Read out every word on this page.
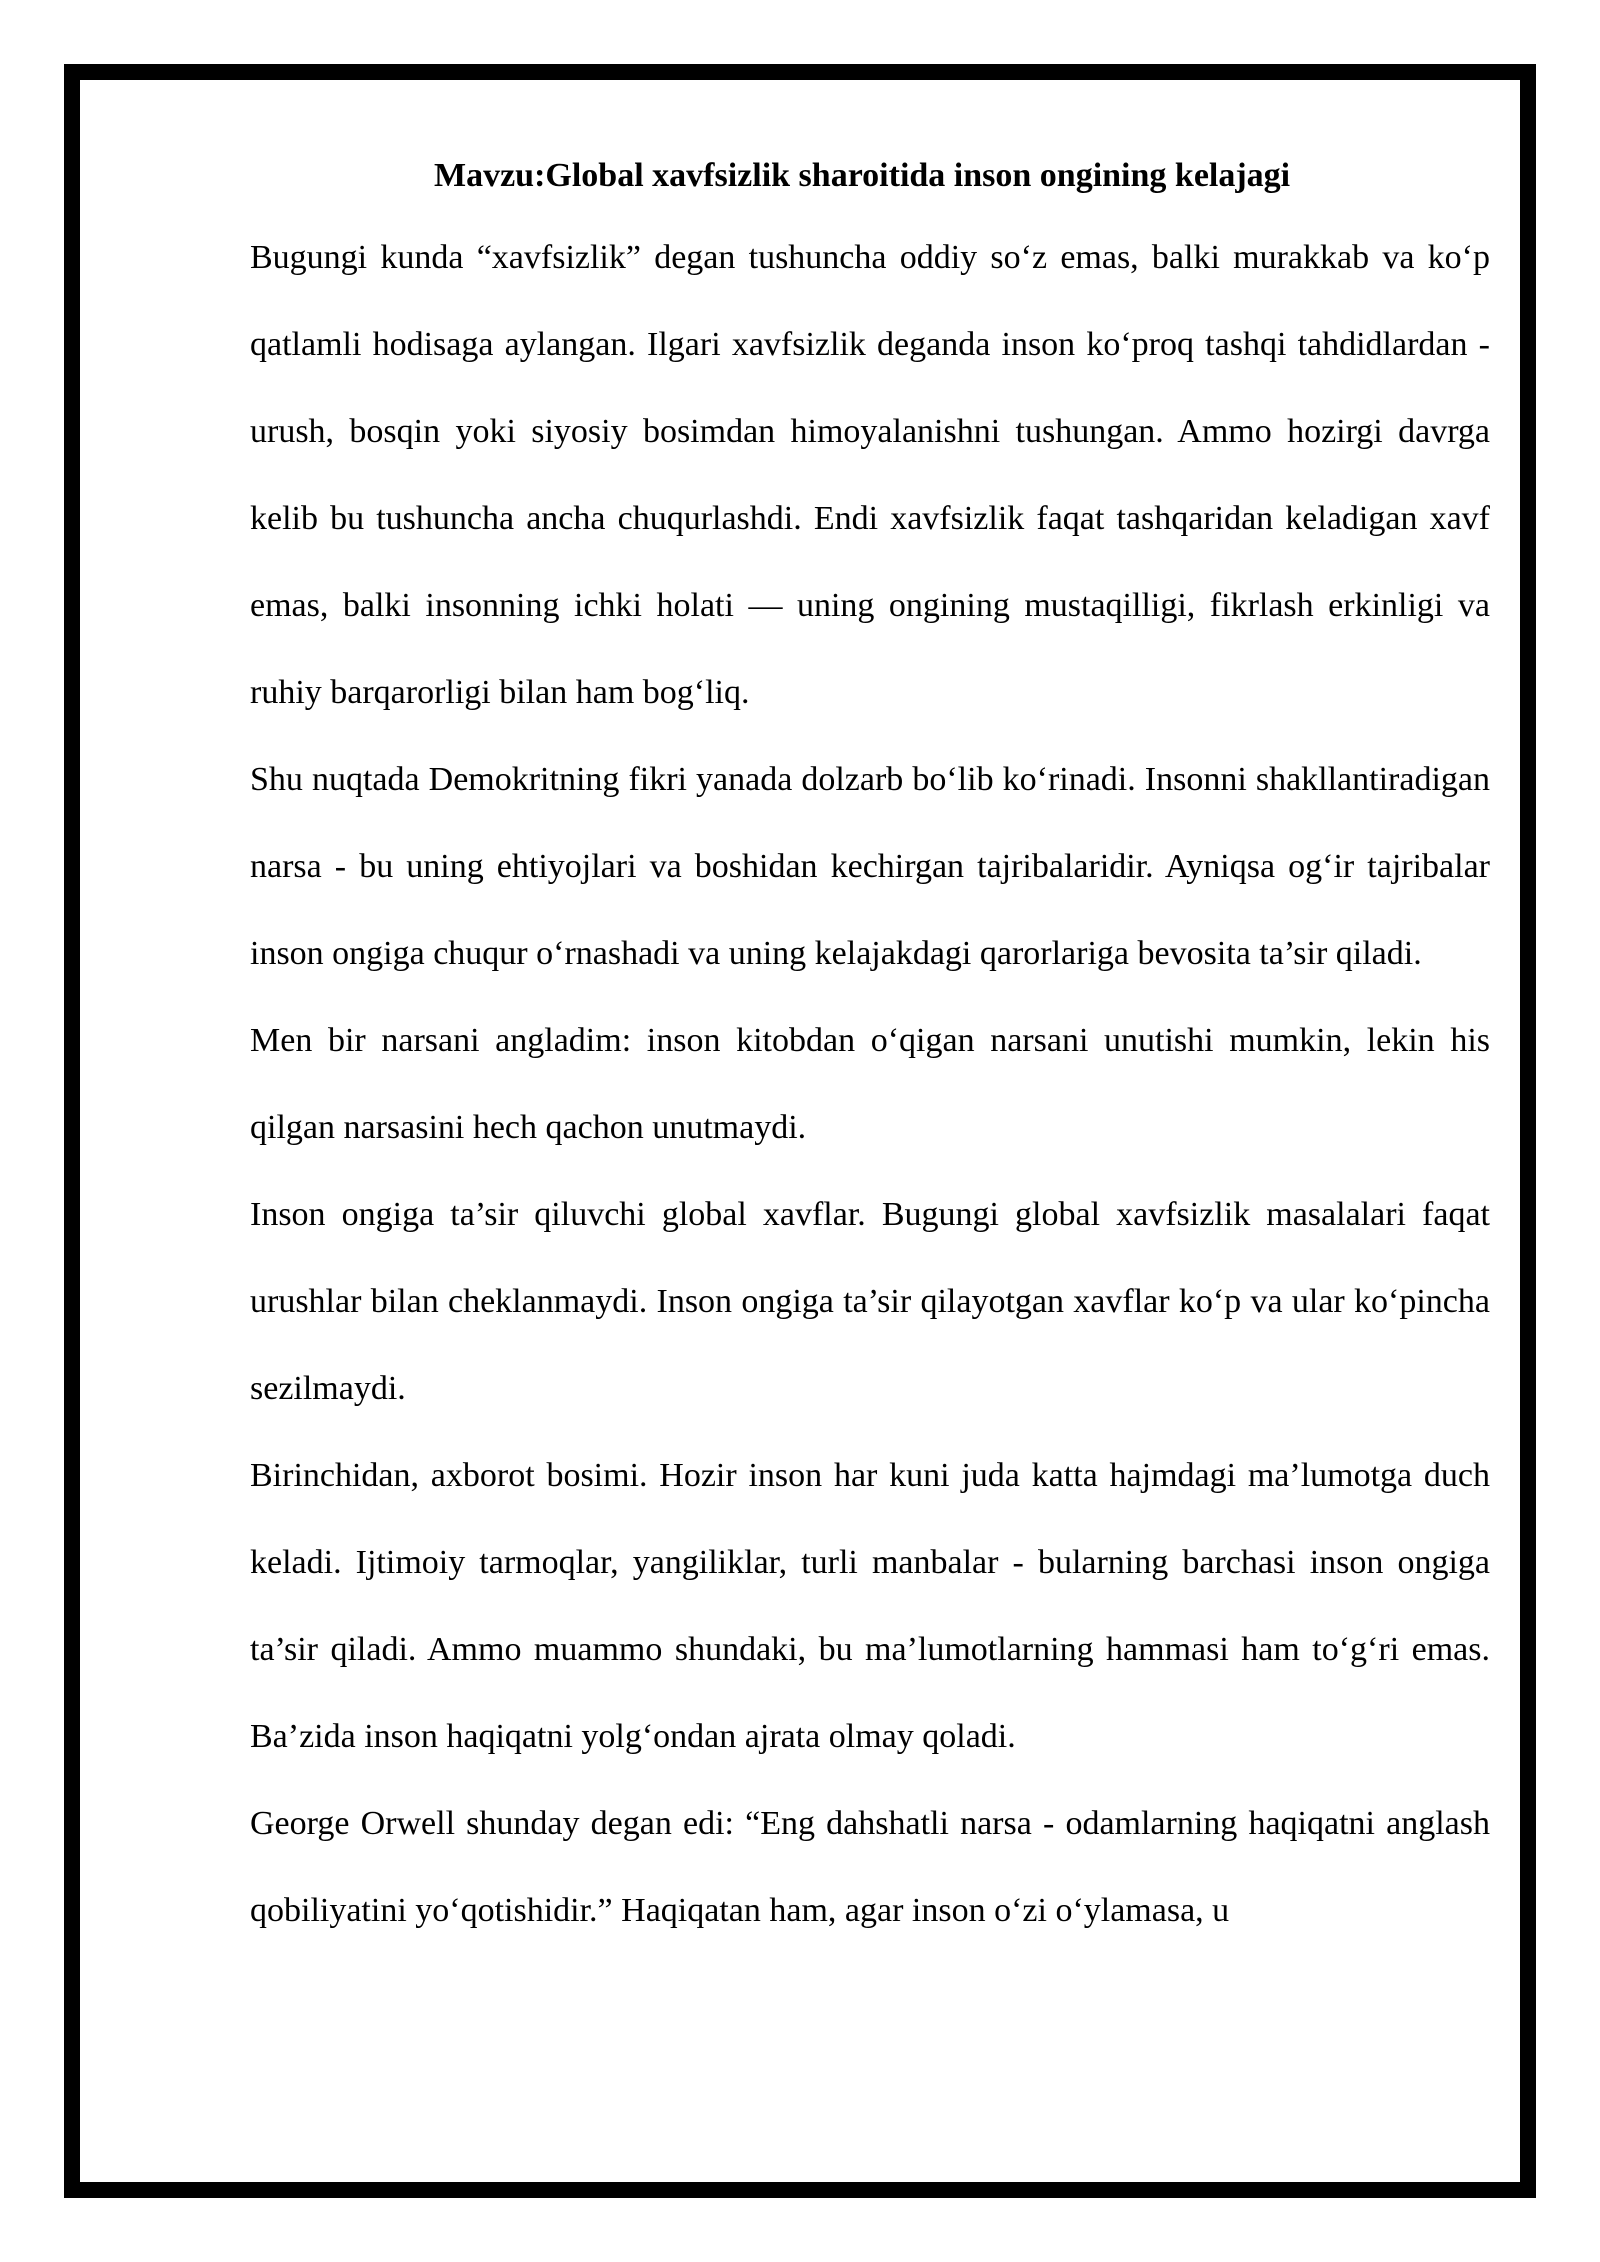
Mavzu:Global xavfsizlik sharoitida inson ongining kelajagi

Bugungi kunda “xavfsizlik” degan tushuncha oddiy so‘z emas, balki murakkab va ko‘p qatlamli hodisaga aylangan. Ilgari xavfsizlik deganda inson ko‘proq tashqi tahdidlardan - urush, bosqin yoki siyosiy bosimdan himoyalanishni tushungan. Ammo hozirgi davrga kelib bu tushuncha ancha chuqurlashdi. Endi xavfsizlik faqat tashqaridan keladigan xavf emas, balki insonning ichki holati — uning ongining mustaqilligi, fikrlash erkinligi va ruhiy barqarorligi bilan ham bog‘liq.

Shu nuqtada Demokritning fikri yanada dolzarb bo‘lib ko‘rinadi. Insonni shakllantiradigan narsa - bu uning ehtiyojlari va boshidan kechirgan tajribalaridir. Ayniqsa og‘ir tajribalar inson ongiga chuqur o‘rnashadi va uning kelajakdagi qarorlariga bevosita ta’sir qiladi.

Men bir narsani angladim: inson kitobdan o‘qigan narsani unutishi mumkin, lekin his qilgan narsasini hech qachon unutmaydi.

Inson ongiga ta’sir qiluvchi global xavflar. Bugungi global xavfsizlik masalalari faqat urushlar bilan cheklanmaydi. Inson ongiga ta’sir qilayotgan xavflar ko‘p va ular ko‘pincha sezilmaydi.

Birinchidan, axborot bosimi. Hozir inson har kuni juda katta hajmdagi ma’lumotga duch keladi. Ijtimoiy tarmoqlar, yangiliklar, turli manbalar - bularning barchasi inson ongiga ta’sir qiladi. Ammo muammo shundaki, bu ma’lumotlarning hammasi ham to‘g‘ri emas. Ba’zida inson haqiqatni yolg‘ondan ajrata olmay qoladi.

George Orwell shunday degan edi: “Eng dahshatli narsa - odamlarning haqiqatni anglash qobiliyatini yo‘qotishidir.” Haqiqatan ham, agar inson o‘zi o‘ylamasa, u
